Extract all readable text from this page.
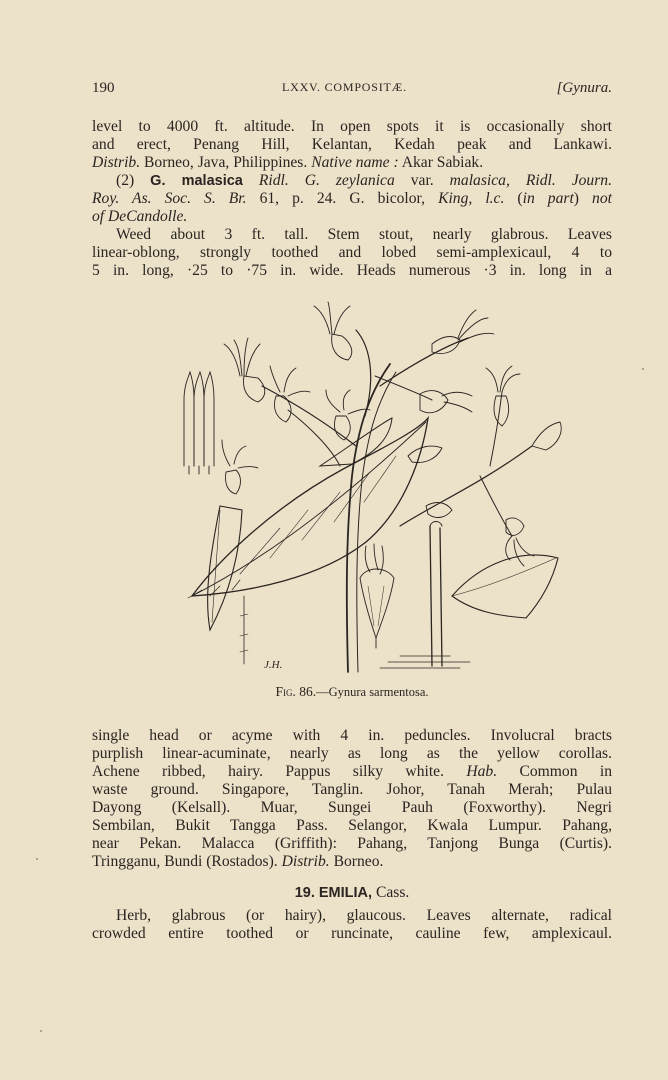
190	LXXV. COMPOSITÆ.	[Gynura.

level to 4000 ft. altitude. In open spots it is occasionally short

and erect, Penang Hill, Kelantan, Kedah peak and Lankawi.

Distrib. Borneo, Java, Philippines. Native name : Akar Sabiak.

(2) G. malasica Ridl. G. zeylanica var. malasica, Ridl. Journ.

Roy. As. Soc. S. Br. 61, p. 24. G. bicolor, King, l.c. (in part) not

of DeCandolle.

Weed about 3 ft. tall. Stem stout, nearly glabrous. Leaves

linear-oblong, strongly toothed and lobed semi-amplexicaul, 4 to

5 in. long, ·25 to ·75 in. wide. Heads numerous ·3 in. long in a

J.H.
Fig. 86.—Gynura sarmentosa.

single head or acyme with 4 in. peduncles. Involucral bracts

purplish linear-acuminate, nearly as long as the yellow corollas.

Achene ribbed, hairy. Pappus silky white. Hab. Common in

waste ground. Singapore, Tanglin. Johor, Tanah Merah; Pulau

Dayong (Kelsall). Muar, Sungei Pauh (Foxworthy). Negri

Sembilan, Bukit Tangga Pass. Selangor, Kwala Lumpur. Pahang,

near Pekan. Malacca (Griffith): Pahang, Tanjong Bunga (Curtis).

Tringganu, Bundi (Rostados). Distrib. Borneo.

19. EMILIA, Cass.

Herb, glabrous (or hairy), glaucous. Leaves alternate, radical

crowded entire toothed or runcinate, cauline few, amplexicaul.
